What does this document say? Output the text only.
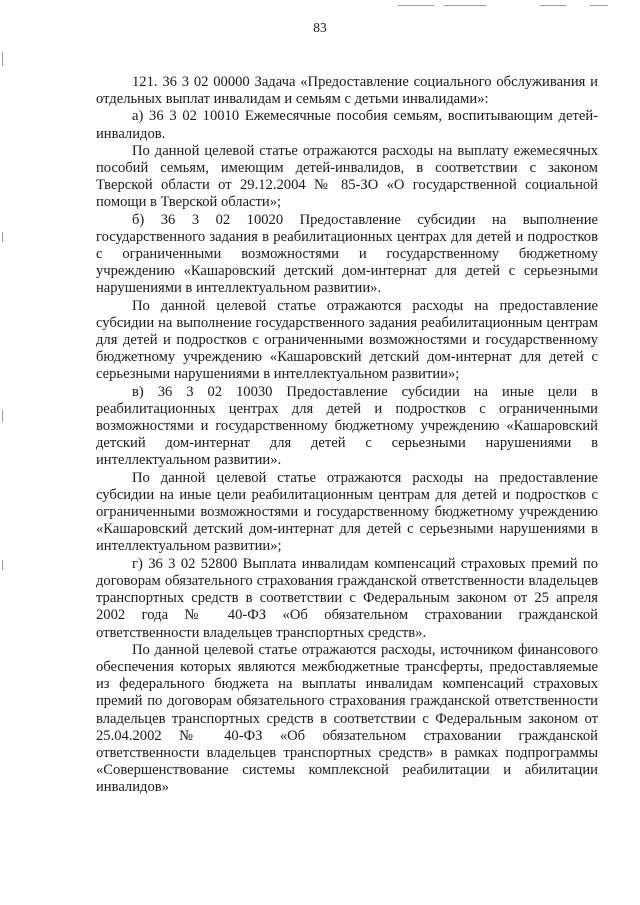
83

121. 36 3 02 00000 Задача «Предоставление социального обслуживания и отдельных выплат инвалидам и семьям с детьми инвалидами»:

а) 36 3 02 10010 Ежемесячные пособия семьям, воспитывающим детей-инвалидов.

По данной целевой статье отражаются расходы на выплату ежемесячных пособий семьям, имеющим детей-инвалидов, в соответствии с законом Тверской области от 29.12.2004 № 85-ЗО «О государственной социальной помощи в Тверской области»;

б) 36 3 02 10020 Предоставление субсидии на выполнение государственного задания в реабилитационных центрах для детей и подростков с ограниченными возможностями и государственному бюджетному учреждению «Кашаровский детский дом-интернат для детей с серьезными нарушениями в интеллектуальном развитии».

По данной целевой статье отражаются расходы на предоставление субсидии на выполнение государственного задания реабилитационным центрам для детей и подростков с ограниченными возможностями и государственному бюджетному учреждению «Кашаровский детский дом-интернат для детей с серьезными нарушениями в интеллектуальном развитии»;

в) 36 3 02 10030 Предоставление субсидии на иные цели в реабилитационных центрах для детей и подростков с ограниченными возможностями и государственному бюджетному учреждению «Кашаровский детский дом-интернат для детей с серьезными нарушениями в интеллектуальном развитии».

По данной целевой статье отражаются расходы на предоставление субсидии на иные цели реабилитационным центрам для детей и подростков с ограниченными возможностями и государственному бюджетному учреждению «Кашаровский детский дом-интернат для детей с серьезными нарушениями в интеллектуальном развитии»;

г) 36 3 02 52800 Выплата инвалидам компенсаций страховых премий по договорам обязательного страхования гражданской ответственности владельцев транспортных средств в соответствии с Федеральным законом от 25 апреля 2002 года № 40-ФЗ «Об обязательном страховании гражданской ответственности владельцев транспортных средств».

По данной целевой статье отражаются расходы, источником финансового обеспечения которых являются межбюджетные трансферты, предоставляемые из федерального бюджета на выплаты инвалидам компенсаций страховых премий по договорам обязательного страхования гражданской ответственности владельцев транспортных средств в соответствии с Федеральным законом от 25.04.2002 № 40-ФЗ «Об обязательном страховании гражданской ответственности владельцев транспортных средств» в рамках подпрограммы «Совершенствование системы комплексной реабилитации и абилитации инвалидов»
